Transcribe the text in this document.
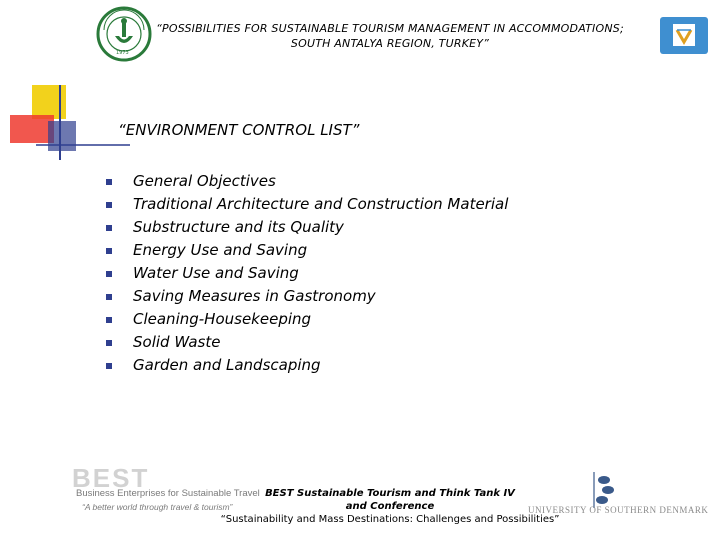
1973
“POSSIBILITIES FOR SUSTAINABLE TOURISM MANAGEMENT IN ACCOMMODATIONS;
SOUTH ANTALYA REGION, TURKEY”
“ENVIRONMENT CONTROL LIST”
General Objectives
Traditional Architecture and Construction Material
Substructure and its Quality
Energy Use and Saving
Water Use and Saving
Saving Measures in Gastronomy
Cleaning-Housekeeping
Solid Waste
Garden and Landscaping
BEST
Business Enterprises for Sustainable Travel
“A better world through travel & tourism”
BEST Sustainable Tourism and Think Tank IV
and Conference
“Sustainability and Mass Destinations: Challenges and Possibilities”
UNIVERSITY OF SOUTHERN DENMARK
